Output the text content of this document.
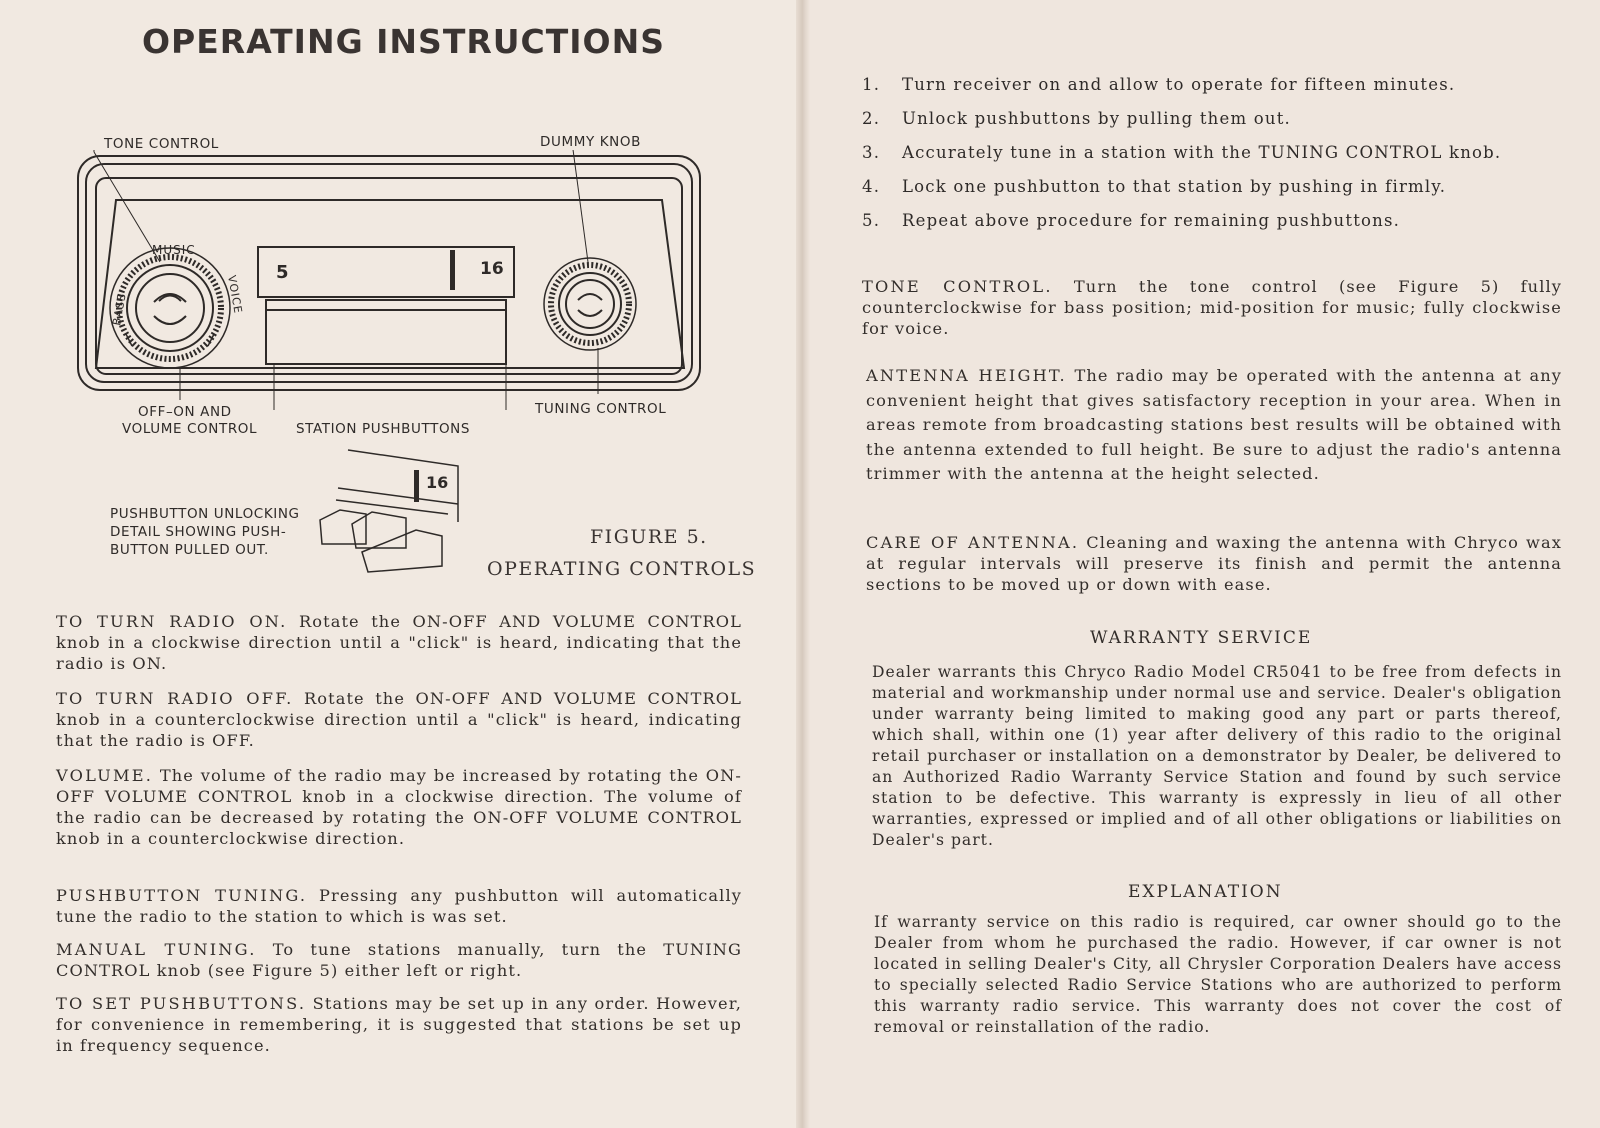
OPERATING INSTRUCTIONS
5	16
MUSIC
BASS	VOICE
16
TONE CONTROL	DUMMY KNOB
OFF–ON AND
VOLUME CONTROL	STATION PUSHBUTTONS
TUNING CONTROL
PUSHBUTTON UNLOCKING
DETAIL SHOWING PUSH-
BUTTON PULLED OUT.
FIGURE 5.
OPERATING CONTROLS

TO TURN RADIO ON. Rotate the ON-OFF AND VOLUME CONTROL knob in a clockwise direction until a "click" is heard, indicating that the radio is ON.

TO TURN RADIO OFF. Rotate the ON-OFF AND VOLUME CONTROL knob in a counterclockwise direction until a "click" is heard, indicating that the radio is OFF.

VOLUME. The volume of the radio may be increased by rotating the ON-OFF VOLUME CONTROL knob in a clockwise direction. The volume of the radio can be decreased by rotating the ON-OFF VOLUME CONTROL knob in a counterclockwise direction.

PUSHBUTTON TUNING. Pressing any pushbutton will automatically tune the radio to the station to which is was set.

MANUAL TUNING. To tune stations manually, turn the TUNING CONTROL knob (see Figure 5) either left or right.

TO SET PUSHBUTTONS. Stations may be set up in any order. However, for convenience in remembering, it is suggested that stations be set up in frequency sequence.

1. Turn receiver on and allow to operate for fifteen minutes.
2. Unlock pushbuttons by pulling them out.
3. Accurately tune in a station with the TUNING CONTROL knob.
4. Lock one pushbutton to that station by pushing in firmly.
5. Repeat above procedure for remaining pushbuttons.

TONE CONTROL. Turn the tone control (see Figure 5) fully counterclockwise for bass position; mid-position for music; fully clockwise for voice.

ANTENNA HEIGHT. The radio may be operated with the antenna at any convenient height that gives satisfactory reception in your area. When in areas remote from broadcasting stations best results will be obtained with the antenna extended to full height. Be sure to adjust the radio's antenna trimmer with the antenna at the height selected.

CARE OF ANTENNA. Cleaning and waxing the antenna with Chryco wax at regular intervals will preserve its finish and permit the antenna sections to be moved up or down with ease.

WARRANTY SERVICE

Dealer warrants this Chryco Radio Model CR5041 to be free from defects in material and workmanship under normal use and service. Dealer's obligation under warranty being limited to making good any part or parts thereof, which shall, within one (1) year after delivery of this radio to the original retail purchaser or installation on a demonstrator by Dealer, be delivered to an Authorized Radio Warranty Service Station and found by such service station to be defective. This warranty is expressly in lieu of all other warranties, expressed or implied and of all other obligations or liabilities on Dealer's part.

EXPLANATION

If warranty service on this radio is required, car owner should go to the Dealer from whom he purchased the radio. However, if car owner is not located in selling Dealer's City, all Chrysler Corporation Dealers have access to specially selected Radio Service Stations who are authorized to perform this warranty radio service. This warranty does not cover the cost of removal or reinstallation of the radio.
